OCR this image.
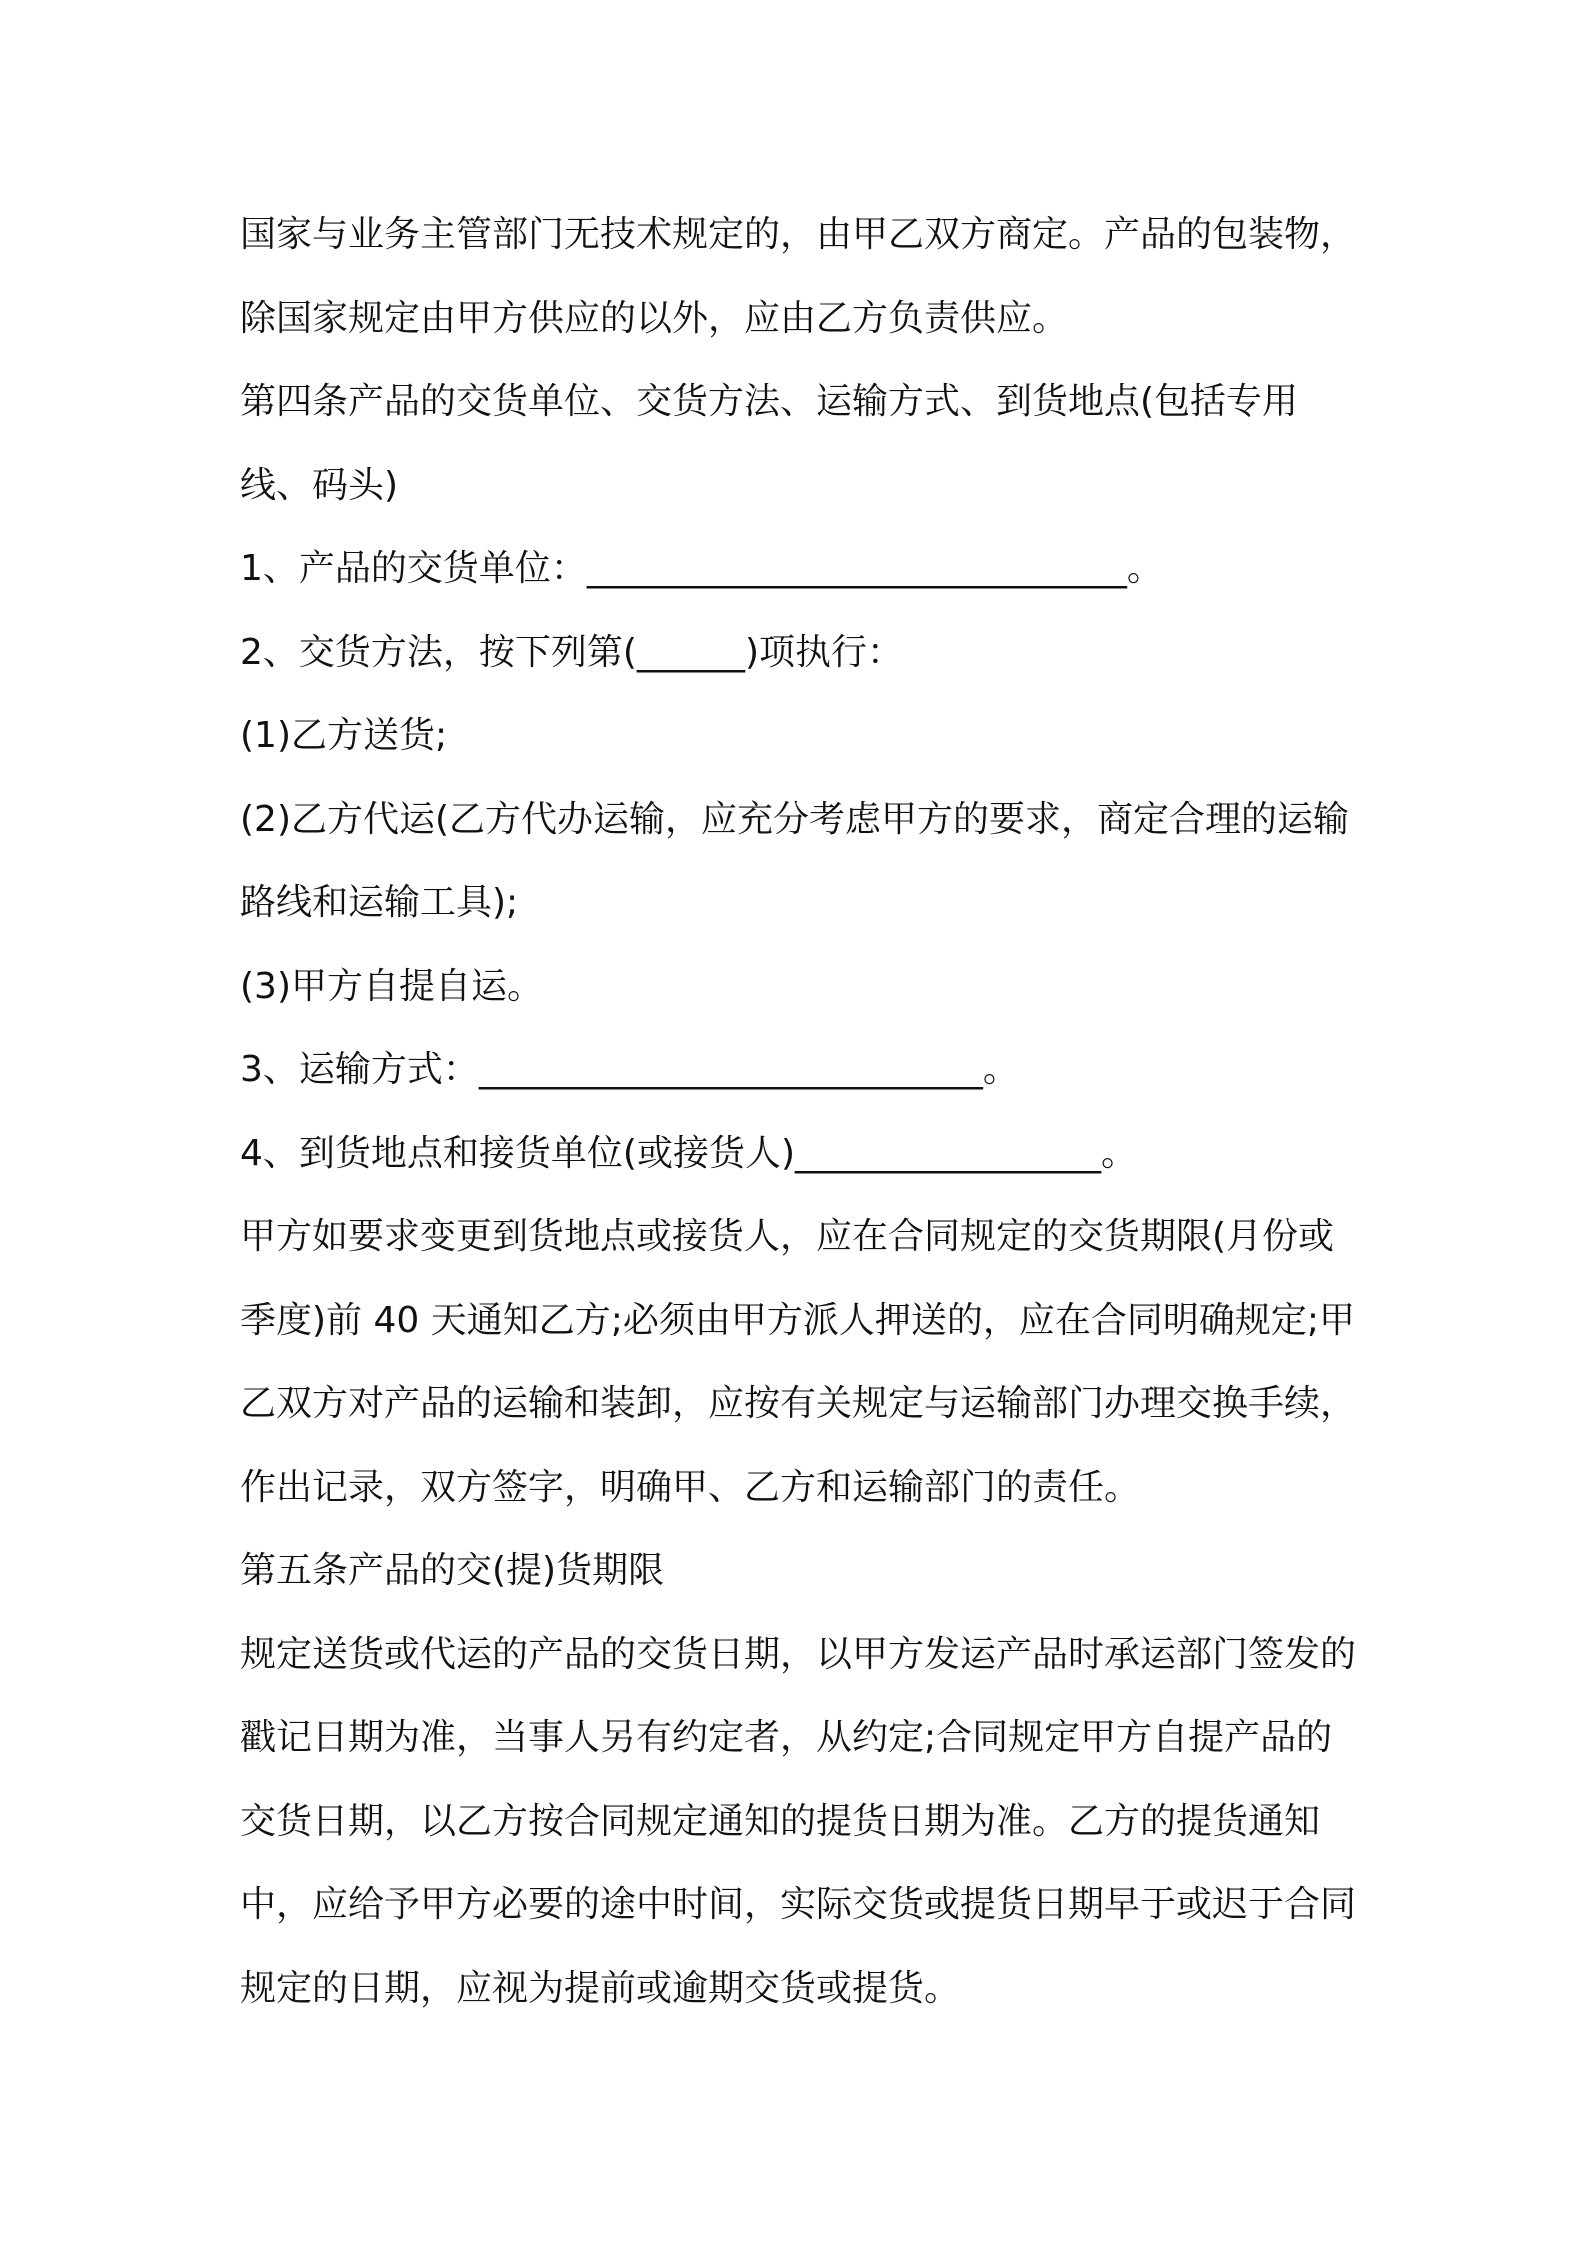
国家与业务主管部门无技术规定的，由甲乙双方商定。产品的包装物，除国家规定由甲方供应的以外，应由乙方负责供应。

第四条产品的交货单位、交货方法、运输方式、到货地点(包括专用线、码头)

1、产品的交货单位：______________________________。

2、交货方法，按下列第(______)项执行：

(1)乙方送货;

(2)乙方代运(乙方代办运输，应充分考虑甲方的要求，商定合理的运输路线和运输工具);

(3)甲方自提自运。

3、运输方式：____________________________。

4、到货地点和接货单位(或接货人)_________________。

甲方如要求变更到货地点或接货人，应在合同规定的交货期限(月份或季度)前 40 天通知乙方;必须由甲方派人押送的，应在合同明确规定;甲乙双方对产品的运输和装卸，应按有关规定与运输部门办理交换手续，作出记录，双方签字，明确甲、乙方和运输部门的责任。

第五条产品的交(提)货期限

规定送货或代运的产品的交货日期，以甲方发运产品时承运部门签发的戳记日期为准，当事人另有约定者，从约定;合同规定甲方自提产品的交货日期，以乙方按合同规定通知的提货日期为准。乙方的提货通知中，应给予甲方必要的途中时间，实际交货或提货日期早于或迟于合同规定的日期，应视为提前或逾期交货或提货。
